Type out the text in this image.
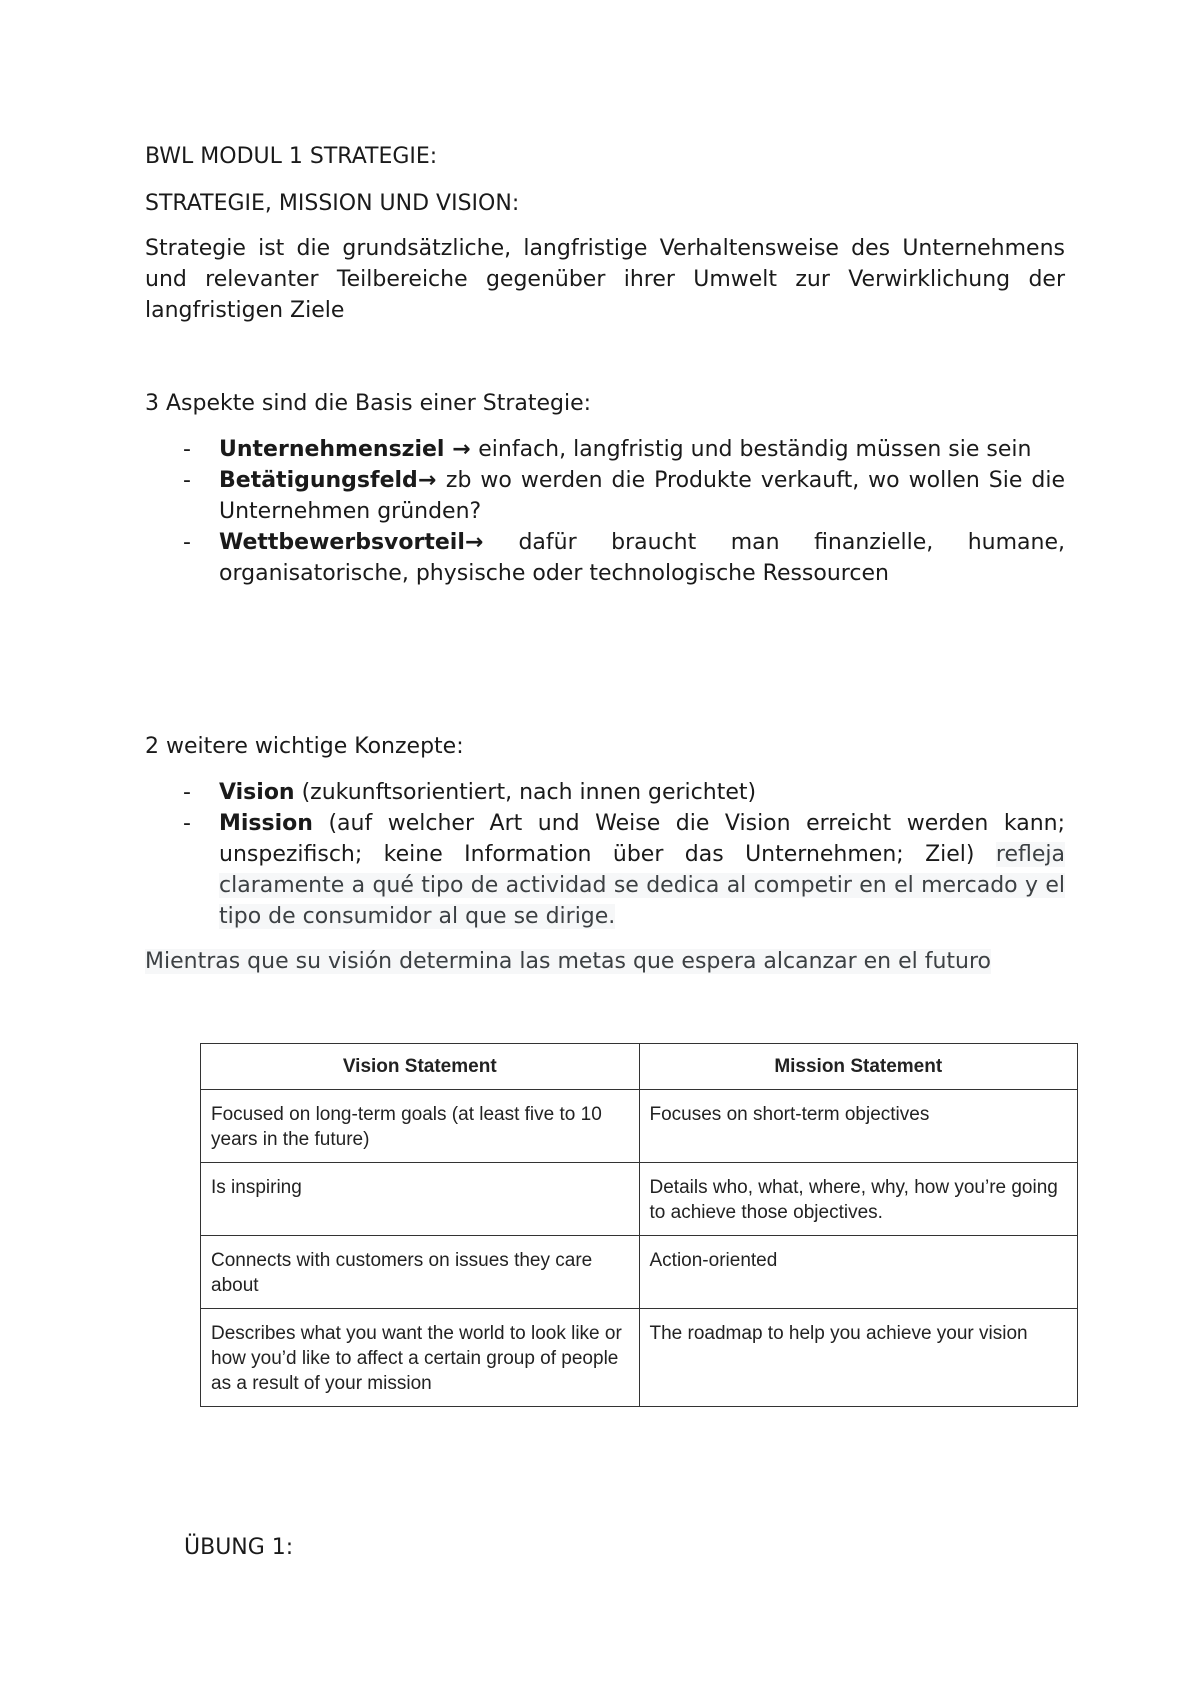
BWL MODUL 1 STRATEGIE:
STRATEGIE, MISSION UND VISION:
Strategie ist die grundsätzliche, langfristige Verhaltensweise des Unternehmens und relevanter Teilbereiche gegenüber ihrer Umwelt zur Verwirklichung der langfristigen Ziele
3 Aspekte sind die Basis einer Strategie:
- Unternehmensziel → einfach, langfristig und beständig müssen sie sein
- Betätigungsfeld→ zb wo werden die Produkte verkauft, wo wollen Sie die Unternehmen gründen?
- Wettbewerbsvorteil→ dafür braucht man finanzielle, humane, organisatorische, physische oder technologische Ressourcen
2 weitere wichtige Konzepte:
- Vision (zukunftsorientiert, nach innen gerichtet)
- Mission (auf welcher Art und Weise die Vision erreicht werden kann; unspezifisch; keine Information über das Unternehmen; Ziel) refleja claramente a qué tipo de actividad se dedica al competir en el mercado y el tipo de consumidor al que se dirige.
Mientras que su visión determina las metas que espera alcanzar en el futuro
Vision Statement	Mission Statement
Focused on long-term goals (at least five to 10 years in the future)	Focuses on short-term objectives
Is inspiring	Details who, what, where, why, how you’re going to achieve those objectives.
Connects with customers on issues they care about	Action-oriented
Describes what you want the world to look like or how you’d like to affect a certain group of people as a result of your mission	The roadmap to help you achieve your vision
ÜBUNG 1:
